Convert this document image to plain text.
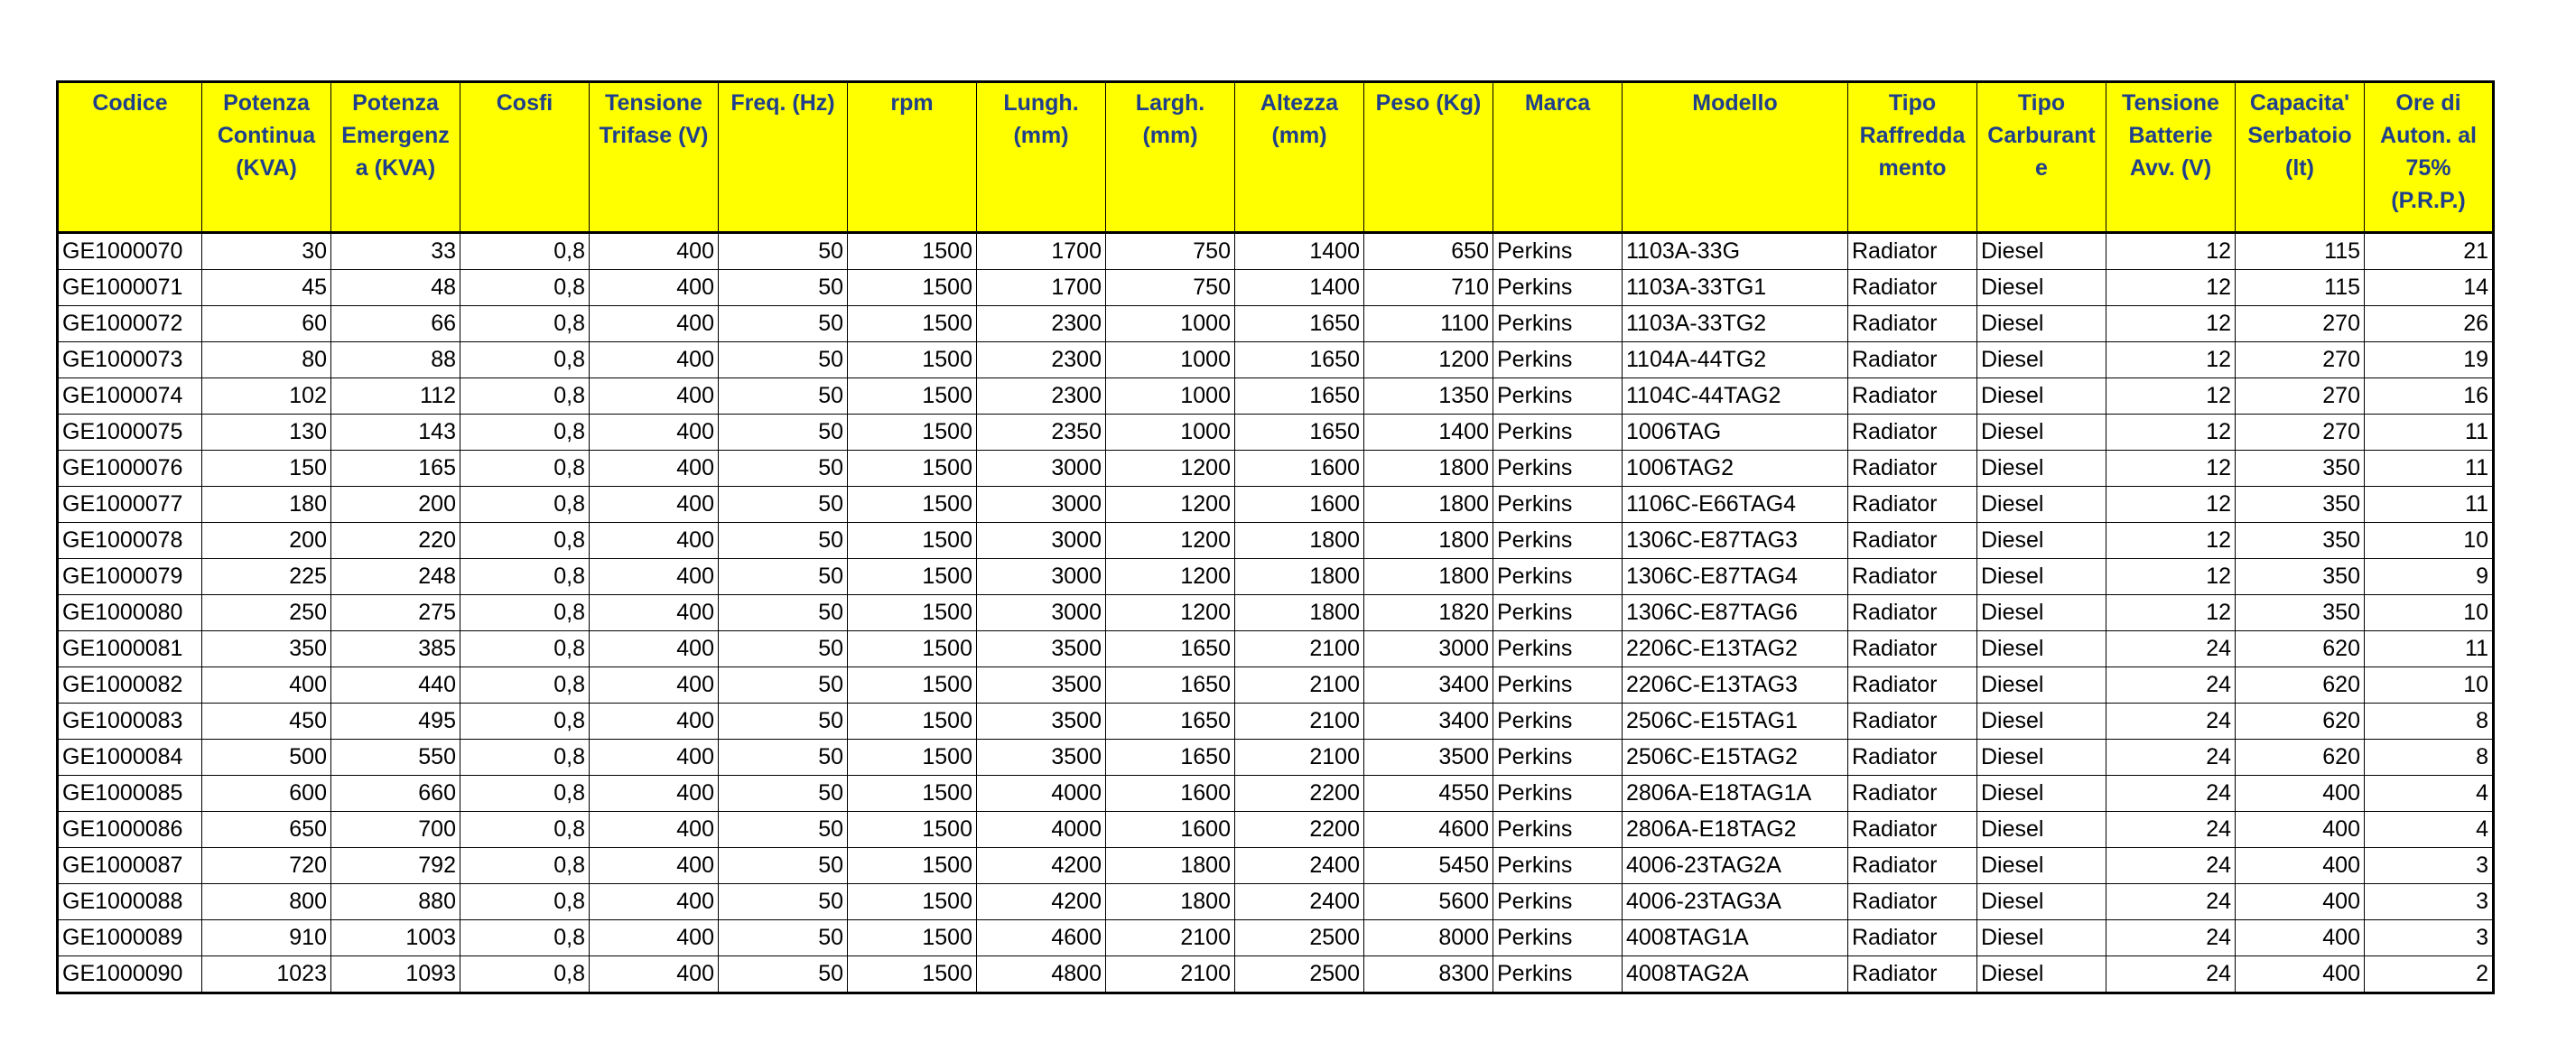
Codice	Potenza
Continua
(KVA)	Potenza
Emergenz
a (KVA)	Cosfi	Tensione
Trifase (V)	Freq. (Hz)	rpm	Lungh.
(mm)	Largh.
(mm)	Altezza
(mm)	Peso (Kg)	Marca	Modello	Tipo
Raffredda
mento	Tipo
Carburant
e	Tensione
Batterie
Avv. (V)	Capacita'
Serbatoio
(lt)	Ore di
Auton. al
75%
(P.R.P.)

GE1000070	30	33	0,8	400	50	1500	1700	750	1400	650	Perkins	1103A-33G	Radiator	Diesel	12	115	21
GE1000071	45	48	0,8	400	50	1500	1700	750	1400	710	Perkins	1103A-33TG1	Radiator	Diesel	12	115	14
GE1000072	60	66	0,8	400	50	1500	2300	1000	1650	1100	Perkins	1103A-33TG2	Radiator	Diesel	12	270	26
GE1000073	80	88	0,8	400	50	1500	2300	1000	1650	1200	Perkins	1104A-44TG2	Radiator	Diesel	12	270	19
GE1000074	102	112	0,8	400	50	1500	2300	1000	1650	1350	Perkins	1104C-44TAG2	Radiator	Diesel	12	270	16
GE1000075	130	143	0,8	400	50	1500	2350	1000	1650	1400	Perkins	1006TAG	Radiator	Diesel	12	270	11
GE1000076	150	165	0,8	400	50	1500	3000	1200	1600	1800	Perkins	1006TAG2	Radiator	Diesel	12	350	11
GE1000077	180	200	0,8	400	50	1500	3000	1200	1600	1800	Perkins	1106C-E66TAG4	Radiator	Diesel	12	350	11
GE1000078	200	220	0,8	400	50	1500	3000	1200	1800	1800	Perkins	1306C-E87TAG3	Radiator	Diesel	12	350	10
GE1000079	225	248	0,8	400	50	1500	3000	1200	1800	1800	Perkins	1306C-E87TAG4	Radiator	Diesel	12	350	9
GE1000080	250	275	0,8	400	50	1500	3000	1200	1800	1820	Perkins	1306C-E87TAG6	Radiator	Diesel	12	350	10
GE1000081	350	385	0,8	400	50	1500	3500	1650	2100	3000	Perkins	2206C-E13TAG2	Radiator	Diesel	24	620	11
GE1000082	400	440	0,8	400	50	1500	3500	1650	2100	3400	Perkins	2206C-E13TAG3	Radiator	Diesel	24	620	10
GE1000083	450	495	0,8	400	50	1500	3500	1650	2100	3400	Perkins	2506C-E15TAG1	Radiator	Diesel	24	620	8
GE1000084	500	550	0,8	400	50	1500	3500	1650	2100	3500	Perkins	2506C-E15TAG2	Radiator	Diesel	24	620	8
GE1000085	600	660	0,8	400	50	1500	4000	1600	2200	4550	Perkins	2806A-E18TAG1A	Radiator	Diesel	24	400	4
GE1000086	650	700	0,8	400	50	1500	4000	1600	2200	4600	Perkins	2806A-E18TAG2	Radiator	Diesel	24	400	4
GE1000087	720	792	0,8	400	50	1500	4200	1800	2400	5450	Perkins	4006-23TAG2A	Radiator	Diesel	24	400	3
GE1000088	800	880	0,8	400	50	1500	4200	1800	2400	5600	Perkins	4006-23TAG3A	Radiator	Diesel	24	400	3
GE1000089	910	1003	0,8	400	50	1500	4600	2100	2500	8000	Perkins	4008TAG1A	Radiator	Diesel	24	400	3
GE1000090	1023	1093	0,8	400	50	1500	4800	2100	2500	8300	Perkins	4008TAG2A	Radiator	Diesel	24	400	2
